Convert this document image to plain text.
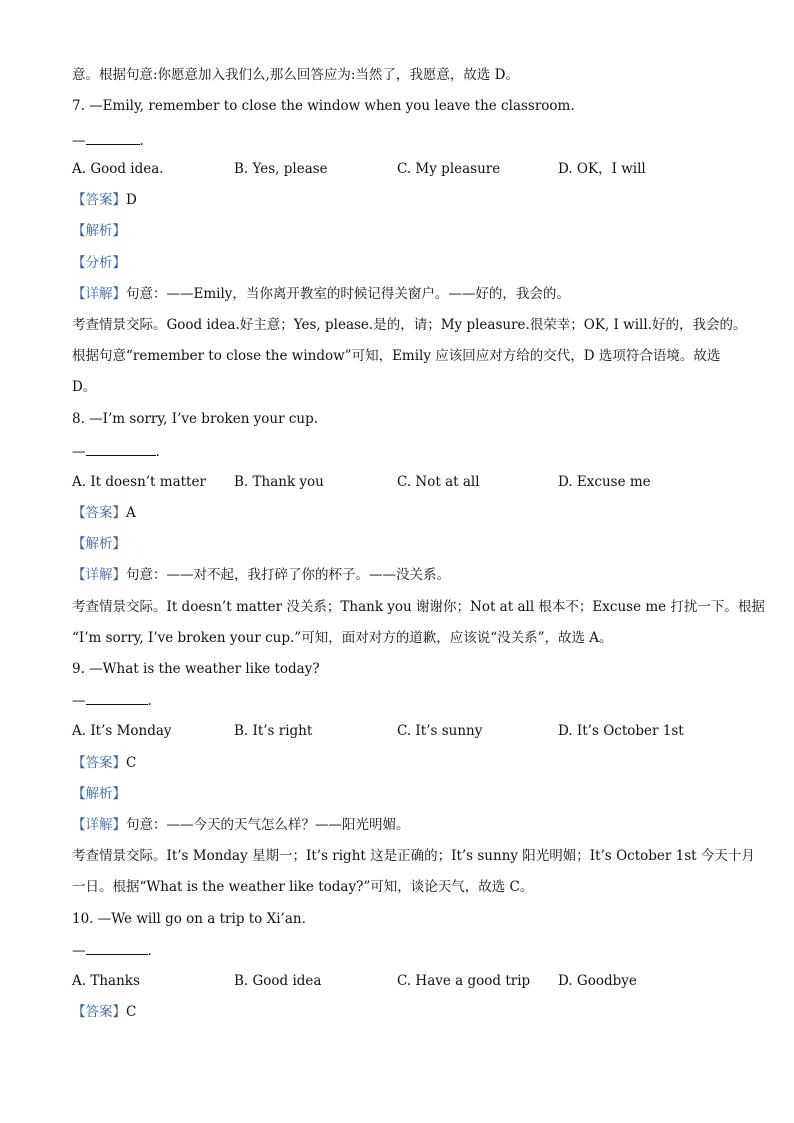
意。根据句意:你愿意加入我们么,那么回答应为:当然了，我愿意，故选 D。
7. —Emily, remember to close the window when you leave the classroom.
—	.
A. Good idea.	B. Yes, please	C. My pleasure	D. OK，I will
【答案】D
【解析】
【分析】
【详解】句意：——Emily，当你离开教室的时候记得关窗户。——好的，我会的。
考查情景交际。Good idea.好主意；Yes, please.是的，请；My pleasure.很荣幸；OK, I will.好的，我会的。
根据句意“remember to close the window”可知，Emily 应该回应对方给的交代，D 选项符合语境。故选
D。
8. —I’m sorry, I’ve broken your cup.
—	.
A. It doesn’t matter B. Thank you	C. Not at all	D. Excuse me
【答案】A
【解析】
【详解】句意：——对不起，我打碎了你的杯子。——没关系。
考查情景交际。It doesn’t matter 没关系；Thank you 谢谢你；Not at all 根本不；Excuse me 打扰一下。根据
“I’m sorry, I’ve broken your cup.”可知，面对对方的道歉，应该说“没关系”，故选 A。
9. —What is the weather like today?
—	.
A. It’s Monday	B. It’s right	C. It’s sunny	D. It’s October 1st
【答案】C
【解析】
【详解】句意：——今天的天气怎么样？——阳光明媚。
考查情景交际。It’s Monday 星期一；It’s right 这是正确的；It’s sunny 阳光明媚；It’s October 1st 今天十月
一日。根据“What is the weather like today?”可知，谈论天气，故选 C。
10. —We will go on a trip to Xi’an.
—	.
A. Thanks	B. Good idea	C. Have a good trip D. Goodbye
【答案】C
